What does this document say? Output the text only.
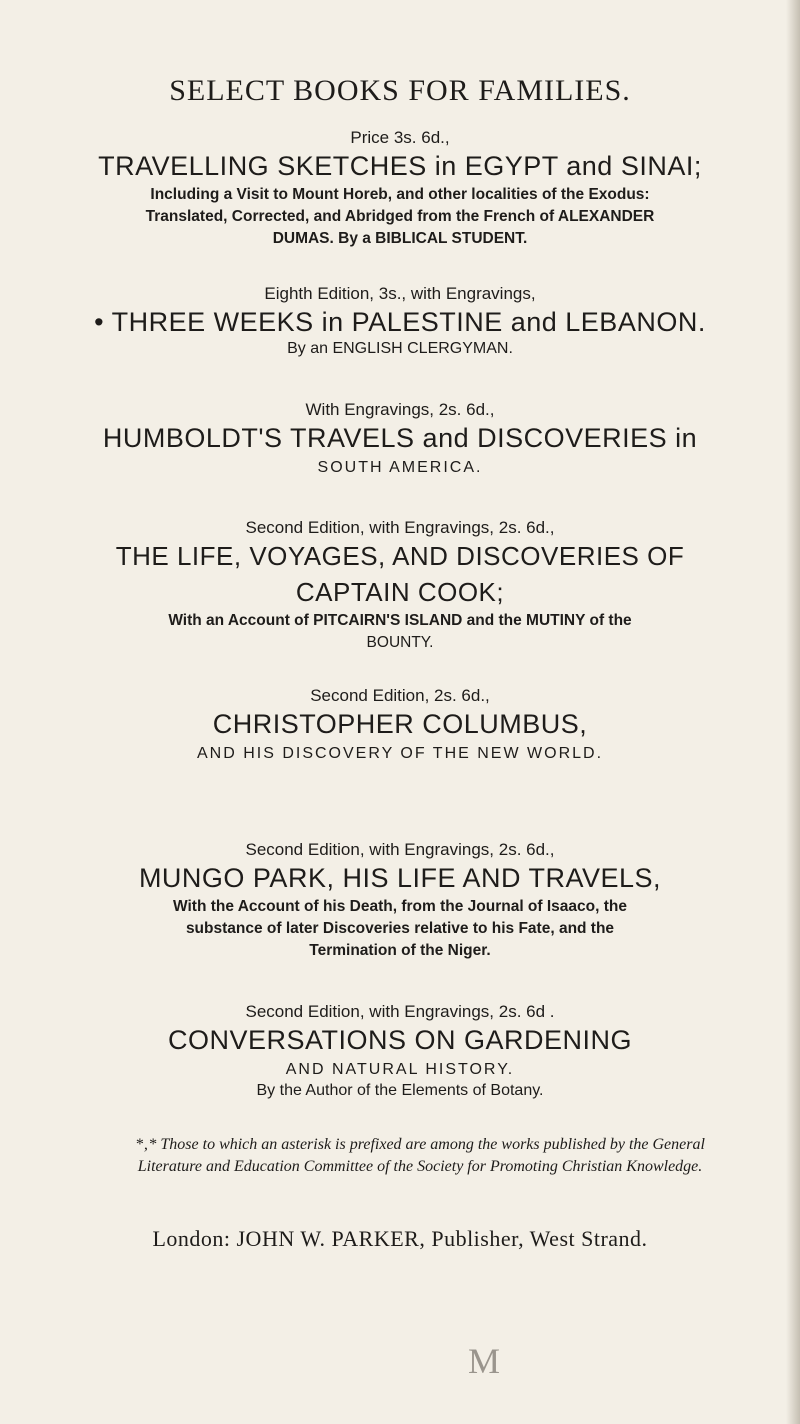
SELECT BOOKS FOR FAMILIES.
Price 3s. 6d.,
TRAVELLING SKETCHES in EGYPT and SINAI;
Including a Visit to Mount Horeb, and other localities of the Exodus:
Translated, Corrected, and Abridged from the French of ALEXANDER
DUMAS. By a BIBLICAL STUDENT.
Eighth Edition, 3s., with Engravings,
• THREE WEEKS in PALESTINE and LEBANON.
By an ENGLISH CLERGYMAN.
With Engravings, 2s. 6d.,
HUMBOLDT'S TRAVELS and DISCOVERIES in
SOUTH AMERICA.
Second Edition, with Engravings, 2s. 6d.,
THE LIFE, VOYAGES, AND DISCOVERIES OF
CAPTAIN COOK;
With an Account of PITCAIRN'S ISLAND and the MUTINY of the
BOUNTY.
Second Edition, 2s. 6d.,
CHRISTOPHER COLUMBUS,
AND HIS DISCOVERY OF THE NEW WORLD.
Second Edition, with Engravings, 2s. 6d.,
MUNGO PARK, HIS LIFE AND TRAVELS,
With the Account of his Death, from the Journal of Isaaco, the
substance of later Discoveries relative to his Fate, and the
Termination of the Niger.
Second Edition, with Engravings, 2s. 6d .
CONVERSATIONS ON GARDENING
AND NATURAL HISTORY.
By the Author of the Elements of Botany.
*‚* Those to which an asterisk is prefixed are among the works published by the General Literature and Education Committee of the Society for Promoting Christian Knowledge.
London: JOHN W. PARKER, Publisher, West Strand.
M
